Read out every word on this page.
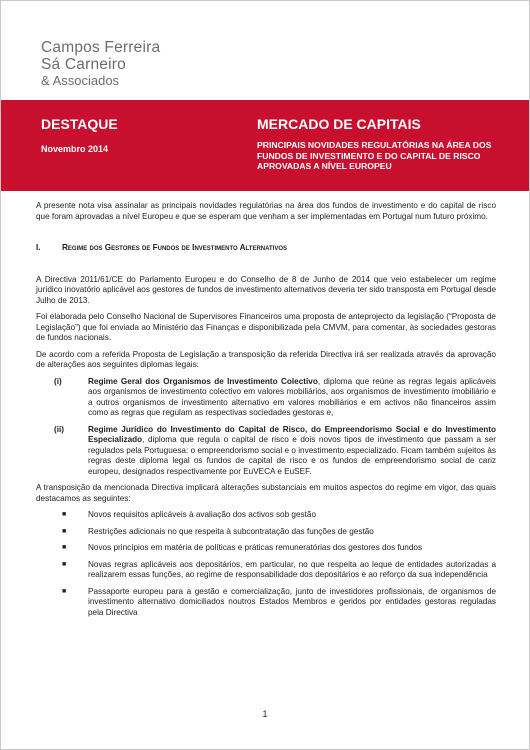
Campos Ferreira
Sá Carneiro
& Associados
DESTAQUE
Novembro 2014
MERCADO DE CAPITAIS
PRINCIPAIS NOVIDADES REGULATÓRIAS NA ÁREA DOS FUNDOS DE INVESTIMENTO E DO CAPITAL DE RISCO APROVADAS A NÍVEL EUROPEU

A presente nota visa assinalar as principais novidades regulatórias na área dos fundos de investimento e do capital de risco que foram aprovadas a nível Europeu e que se esperam que venham a ser implementadas em Portugal num futuro próximo.

I.	Regime dos Gestores de Fundos de Investimento Alternativos

A Directiva 2011/61/CE do Parlamento Europeu e do Conselho de 8 de Junho de 2014 que veio estabelecer um regime jurídico inovatório aplicável aos gestores de fundos de investimento alternativos deveria ter sido transposta em Portugal desde Julho de 2013.

Foi elaborada pelo Conselho Nacional de Supervisores Financeiros uma proposta de anteprojecto da legislação (“Proposta de Legislação”) que foi enviada ao Ministério das Finanças e disponibilizada pela CMVM, para comentar, às sociedades gestoras de fundos nacionais.

De acordo com a referida Proposta de Legislação a transposição da referida Directiva irá ser realizada através da aprovação de alterações aos seguintes diplomas legais:

(i)	Regime Geral dos Organismos de Investimento Colectivo, diploma que reúne as regras legais aplicáveis aos organismos de investimento colectivo em valores mobiliários, aos organismos de investimento imobiliário e a outros organismos de investimento alternativo em valores mobiliários e em activos não financeiros assim como as regras que regulam as respectivas sociedades gestoras e,
(ii)	Regime Jurídico do Investimento do Capital de Risco, do Empreendorismo Social e do Investimento Especializado, diploma que regula o capital de risco e dois novos tipos de investimento que passam a ser regulados pela Portuguesa: o empreendorismo social e o investimento especializado. Ficam também sujeitos às regras deste diploma legal os fundos de capital de risco e os fundos de empreendorismo social de cariz europeu, designados respectivamente por EuVECA e EuSEF.

A transposição da mencionada Directiva implicará alterações substanciais em muitos aspectos do regime em vigor, das quais destacamos as seguintes:

■	Novos requisitos aplicáveis à avaliação dos activos sob gestão
■	Restrições adicionais no que respeita à subcontratação das funções de gestão
■	Novos princípios em matéria de políticas e práticas remuneratórias dos gestores dos fundos
■	Novas regras aplicáveis aos depositários, em particular, no que respeita ao leque de entidades autorizadas a realizarem essas funções, ao regime de responsabilidade dos depositários e ao reforço da sua independência
■	Passaporte europeu para a gestão e comercialização, junto de investidores profissionais, de organismos de investimento alternativo domiciliados noutros Estados Membros e geridos por entidades gestoras reguladas pela Directiva
1
